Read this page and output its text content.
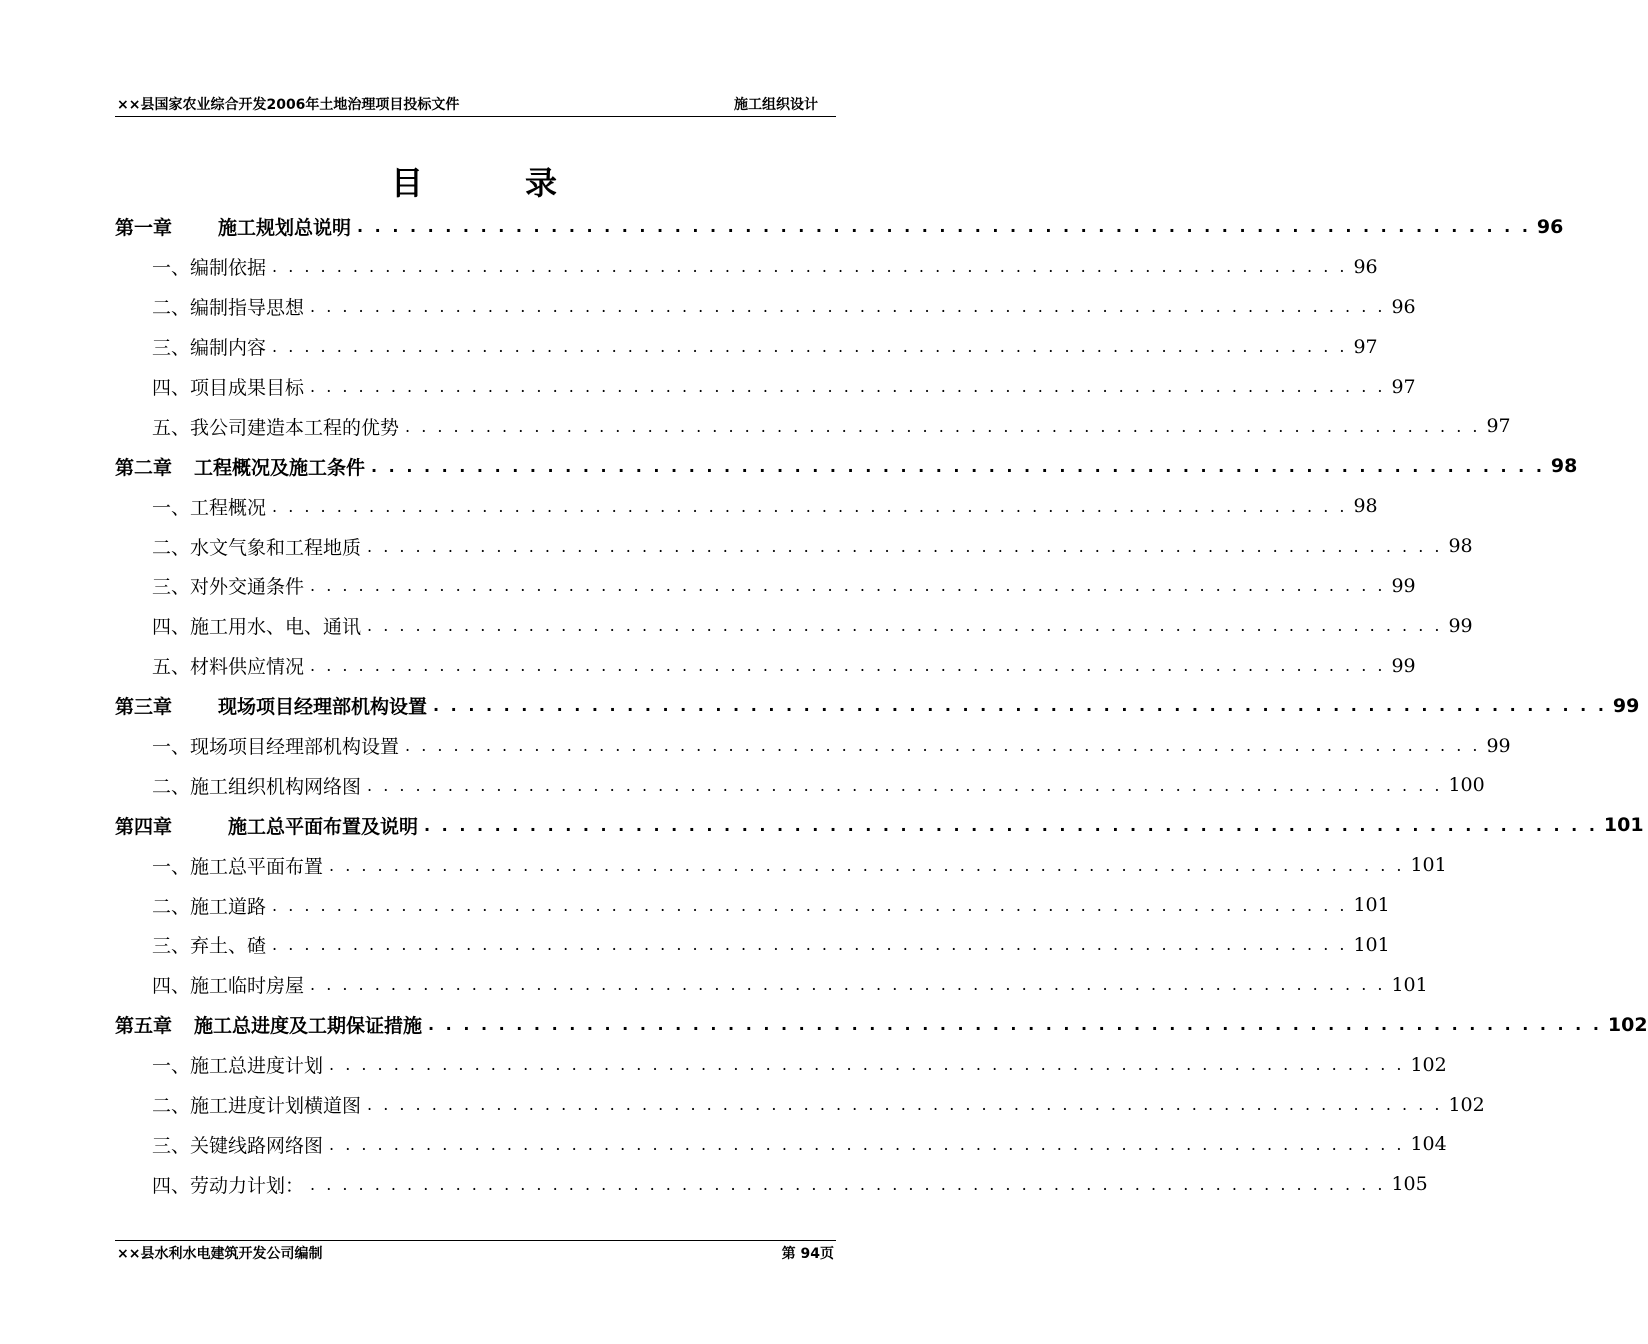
××县国家农业综合开发2006年土地治理项目投标文件	施工组织设计
目	录
第一章 施工规划总说明 . . . . . . . . . . . . . . . . . . . . . . . . . . . . . . . . . . . . . . . . . . . . . . . . . . . . . . . . . . . . . . . . . . . 96
一、编制依据 . . . . . . . . . . . . . . . . . . . . . . . . . . . . . . . . . . . . . . . . . . . . . . . . . . . . . . . . . . . . . . . . . . . 96
二、编制指导思想 . . . . . . . . . . . . . . . . . . . . . . . . . . . . . . . . . . . . . . . . . . . . . . . . . . . . . . . . . . . . . . . . . . . 96
三、编制内容 . . . . . . . . . . . . . . . . . . . . . . . . . . . . . . . . . . . . . . . . . . . . . . . . . . . . . . . . . . . . . . . . . . . 97
四、项目成果目标 . . . . . . . . . . . . . . . . . . . . . . . . . . . . . . . . . . . . . . . . . . . . . . . . . . . . . . . . . . . . . . . . . . . 97
五、我公司建造本工程的优势 . . . . . . . . . . . . . . . . . . . . . . . . . . . . . . . . . . . . . . . . . . . . . . . . . . . . . . . . . . . . . . . . . . . 97
第二章 工程概况及施工条件 . . . . . . . . . . . . . . . . . . . . . . . . . . . . . . . . . . . . . . . . . . . . . . . . . . . . . . . . . . . . . . . . . . . 98
一、工程概况 . . . . . . . . . . . . . . . . . . . . . . . . . . . . . . . . . . . . . . . . . . . . . . . . . . . . . . . . . . . . . . . . . . . 98
二、水文气象和工程地质 . . . . . . . . . . . . . . . . . . . . . . . . . . . . . . . . . . . . . . . . . . . . . . . . . . . . . . . . . . . . . . . . . . . 98
三、对外交通条件 . . . . . . . . . . . . . . . . . . . . . . . . . . . . . . . . . . . . . . . . . . . . . . . . . . . . . . . . . . . . . . . . . . . 99
四、施工用水、电、通讯 . . . . . . . . . . . . . . . . . . . . . . . . . . . . . . . . . . . . . . . . . . . . . . . . . . . . . . . . . . . . . . . . . . . 99
五、材料供应情况 . . . . . . . . . . . . . . . . . . . . . . . . . . . . . . . . . . . . . . . . . . . . . . . . . . . . . . . . . . . . . . . . . . . 99
第三章 现场项目经理部机构设置 . . . . . . . . . . . . . . . . . . . . . . . . . . . . . . . . . . . . . . . . . . . . . . . . . . . . . . . . . . . . . . . . . . . 99
一、现场项目经理部机构设置 . . . . . . . . . . . . . . . . . . . . . . . . . . . . . . . . . . . . . . . . . . . . . . . . . . . . . . . . . . . . . . . . . . . 99
二、施工组织机构网络图 . . . . . . . . . . . . . . . . . . . . . . . . . . . . . . . . . . . . . . . . . . . . . . . . . . . . . . . . . . . . . . . . . . . 100
第四章	施工总平面布置及说明 . . . . . . . . . . . . . . . . . . . . . . . . . . . . . . . . . . . . . . . . . . . . . . . . . . . . . . . . . . . . . . . . . . . 101
一、施工总平面布置 . . . . . . . . . . . . . . . . . . . . . . . . . . . . . . . . . . . . . . . . . . . . . . . . . . . . . . . . . . . . . . . . . . . 101
二、施工道路 . . . . . . . . . . . . . . . . . . . . . . . . . . . . . . . . . . . . . . . . . . . . . . . . . . . . . . . . . . . . . . . . . . . 101
三、弃土、碴 . . . . . . . . . . . . . . . . . . . . . . . . . . . . . . . . . . . . . . . . . . . . . . . . . . . . . . . . . . . . . . . . . . . 101
四、施工临时房屋 . . . . . . . . . . . . . . . . . . . . . . . . . . . . . . . . . . . . . . . . . . . . . . . . . . . . . . . . . . . . . . . . . . . 101
第五章 施工总进度及工期保证措施 . . . . . . . . . . . . . . . . . . . . . . . . . . . . . . . . . . . . . . . . . . . . . . . . . . . . . . . . . . . . . . . . . . . 102
一、施工总进度计划 . . . . . . . . . . . . . . . . . . . . . . . . . . . . . . . . . . . . . . . . . . . . . . . . . . . . . . . . . . . . . . . . . . . 102
二、施工进度计划横道图 . . . . . . . . . . . . . . . . . . . . . . . . . . . . . . . . . . . . . . . . . . . . . . . . . . . . . . . . . . . . . . . . . . . 102
三、关键线路网络图 . . . . . . . . . . . . . . . . . . . . . . . . . . . . . . . . . . . . . . . . . . . . . . . . . . . . . . . . . . . . . . . . . . . 104
四、劳动力计划： . . . . . . . . . . . . . . . . . . . . . . . . . . . . . . . . . . . . . . . . . . . . . . . . . . . . . . . . . . . . . . . . . . . 105
××县水利水电建筑开发公司编制	第 94页
